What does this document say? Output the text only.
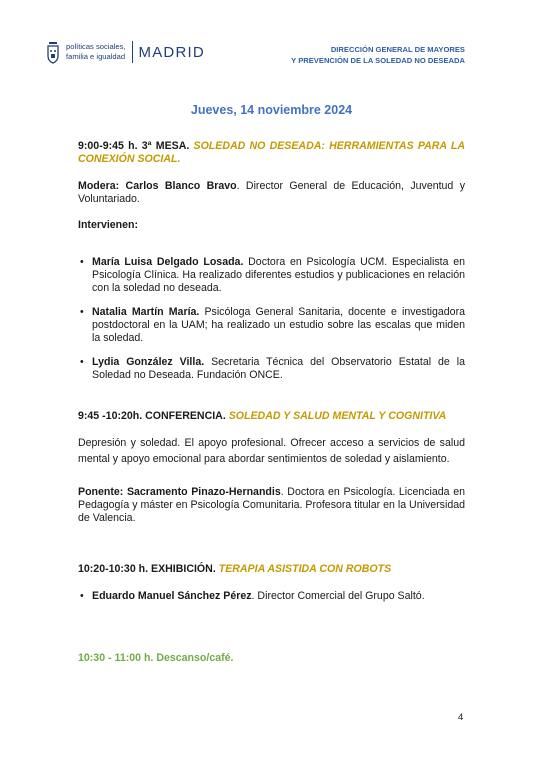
políticas sociales,
familia e igualdad MADRID	DIRECCIÓN GENERAL DE MAYORES
Y PREVENCIÓN DE LA SOLEDAD NO DESEADA
Jueves, 14 noviembre 2024
9:00-9:45 h. 3ª MESA. SOLEDAD NO DESEADA: HERRAMIENTAS PARA LA CONEXIÓN SOCIAL.
Modera: Carlos Blanco Bravo. Director General de Educación, Juventud y Voluntariado.
Intervienen:
• María Luisa Delgado Losada. Doctora en Psicología UCM. Especialista en Psicología Clínica. Ha realizado diferentes estudios y publicaciones en relación con la soledad no deseada.
• Natalia Martín María. Psicóloga General Sanitaria, docente e investigadora postdoctoral en la UAM; ha realizado un estudio sobre las escalas que miden la soledad.
• Lydia González Villa. Secretaria Técnica del Observatorio Estatal de la Soledad no Deseada. Fundación ONCE.
9:45 -10:20h. CONFERENCIA. SOLEDAD Y SALUD MENTAL Y COGNITIVA
Depresión y soledad. El apoyo profesional. Ofrecer acceso a servicios de salud mental y apoyo emocional para abordar sentimientos de soledad y aislamiento.
Ponente: Sacramento Pinazo-Hernandis. Doctora en Psicología. Licenciada en Pedagogía y máster en Psicología Comunitaria. Profesora titular en la Universidad de Valencia.
10:20-10:30 h. EXHIBICIÓN. TERAPIA ASISTIDA CON ROBOTS
• Eduardo Manuel Sánchez Pérez. Director Comercial del Grupo Saltó.
10:30 - 11:00 h. Descanso/café.
4
